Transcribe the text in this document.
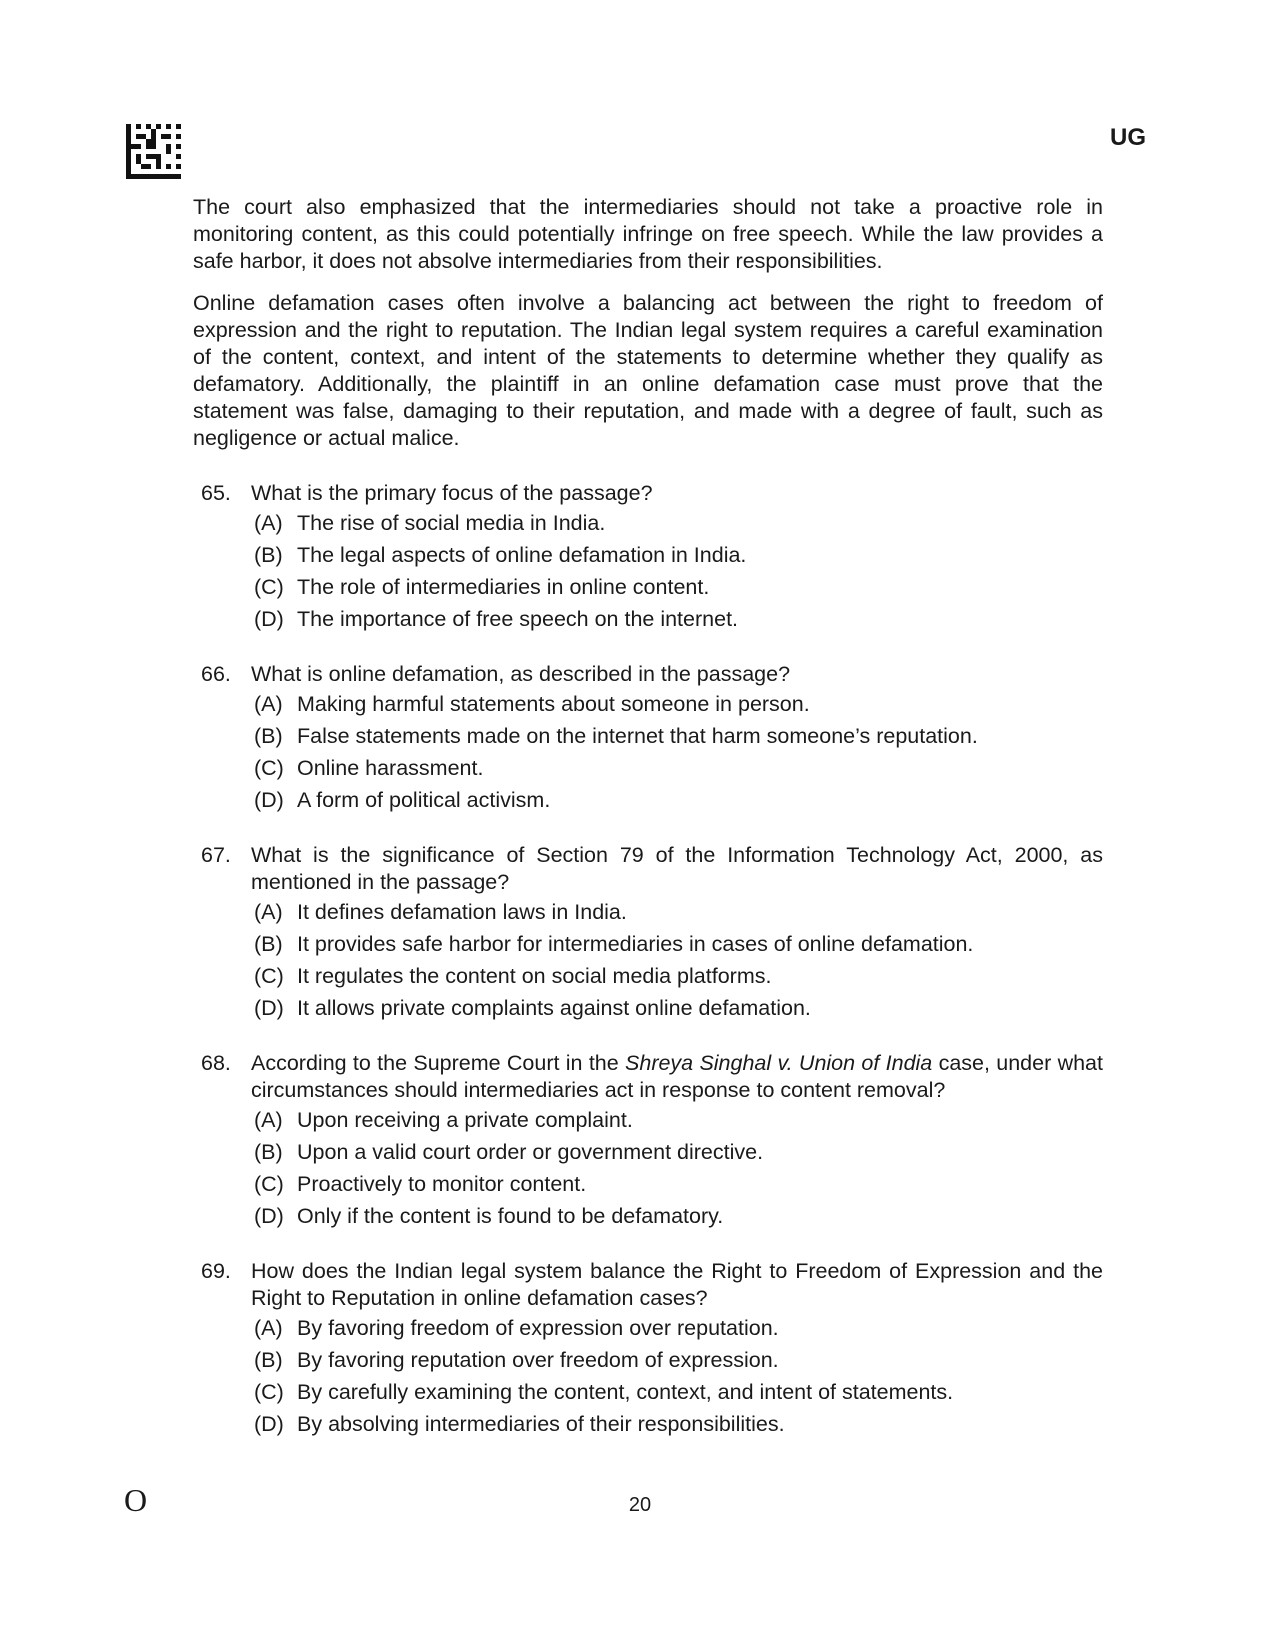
UG

The court also emphasized that the intermediaries should not take a proactive role in monitoring content, as this could potentially infringe on free speech. While the law provides a safe harbor, it does not absolve intermediaries from their responsibilities.

Online defamation cases often involve a balancing act between the right to freedom of expression and the right to reputation. The Indian legal system requires a careful examination of the content, context, and intent of the statements to determine whether they qualify as defamatory. Additionally, the plaintiff in an online defamation case must prove that the statement was false, damaging to their reputation, and made with a degree of fault, such as negligence or actual malice.

65. What is the primary focus of the passage?
(A) The rise of social media in India.
(B) The legal aspects of online defamation in India.
(C) The role of intermediaries in online content.
(D) The importance of free speech on the internet.
66. What is online defamation, as described in the passage?
(A) Making harmful statements about someone in person.
(B) False statements made on the internet that harm someone’s reputation.
(C) Online harassment.
(D) A form of political activism.
67. What is the significance of Section 79 of the Information Technology Act, 2000, as mentioned in the passage?
(A) It defines defamation laws in India.
(B) It provides safe harbor for intermediaries in cases of online defamation.
(C) It regulates the content on social media platforms.
(D) It allows private complaints against online defamation.
68. According to the Supreme Court in the Shreya Singhal v. Union of India case, under what circumstances should intermediaries act in response to content removal?
(A) Upon receiving a private complaint.
(B) Upon a valid court order or government directive.
(C) Proactively to monitor content.
(D) Only if the content is found to be defamatory.
69. How does the Indian legal system balance the Right to Freedom of Expression and the Right to Reputation in online defamation cases?
(A) By favoring freedom of expression over reputation.
(B) By favoring reputation over freedom of expression.
(C) By carefully examining the content, context, and intent of statements.
(D) By absolving intermediaries of their responsibilities.
O	20
